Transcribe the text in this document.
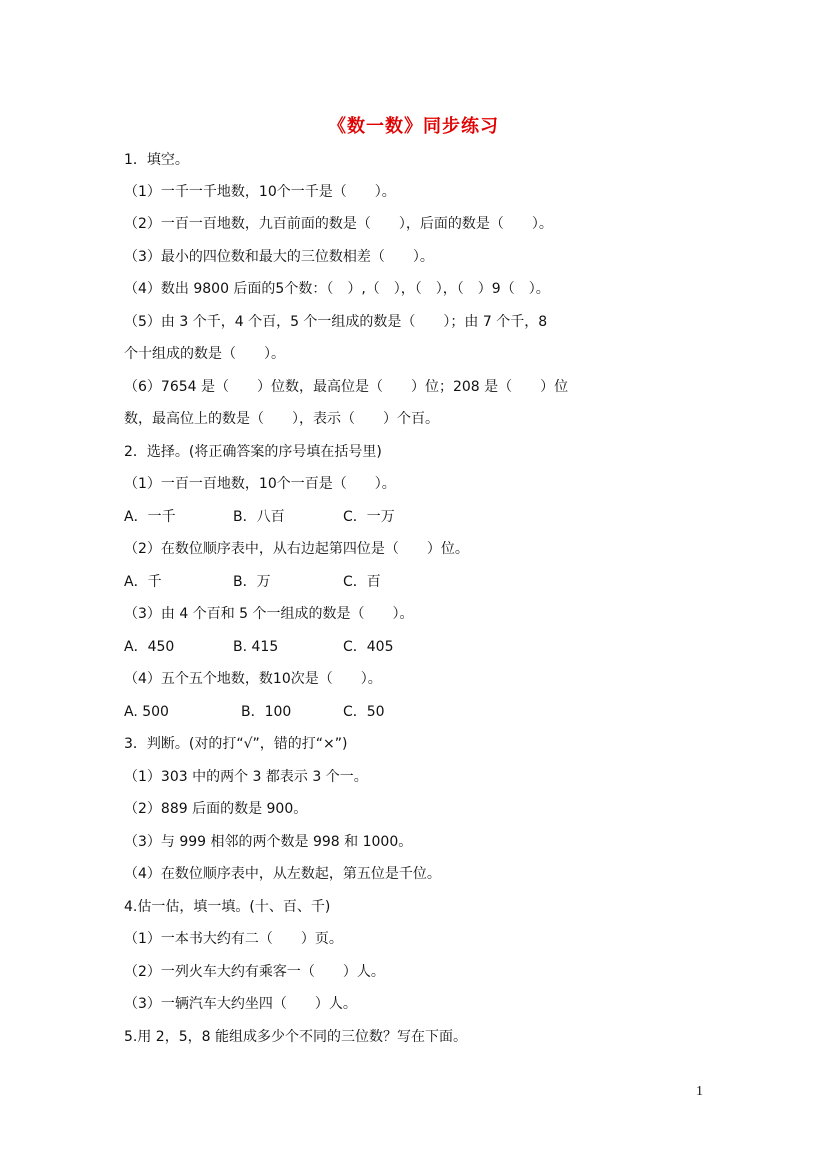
《数一数》同步练习
1．填空。
（1）一千一千地数，10个一千是（　　）。
（2）一百一百地数，九百前面的数是（　　），后面的数是（　　）。
（3）最小的四位数和最大的三位数相差（　　）。
（4）数出 9800 后面的5个数：（　）,（　），（　），（　）9（　）。
（5）由 3 个千，4 个百，5 个一组成的数是（　　）；由 7 个千，8
个十组成的数是（　　）。
（6）7654 是（　　）位数，最高位是（　　）位；208 是（　　）位
数，最高位上的数是（　　），表示（　　）个百。
2．选择。(将正确答案的序号填在括号里)
（1）一百一百地数，10个一百是（　　）。
A．一千	B．八百	C．一万
（2）在数位顺序表中，从右边起第四位是（　　）位。
A．千	B．万	C．百
（3）由 4 个百和 5 个一组成的数是（　　）。
A．450	B. 415	C．405
（4）五个五个地数，数10次是（　　）。
A. 500	B．100	C．50
3．判断。(对的打“√”，错的打“×”)
（1）303 中的两个 3 都表示 3 个一。
（2）889 后面的数是 900。
（3）与 999 相邻的两个数是 998 和 1000。
（4）在数位顺序表中，从左数起，第五位是千位。
4.估一估，填一填。(十、百、千)
（1）一本书大约有二（　　）页。
（2）一列火车大约有乘客一（　　）人。
（3）一辆汽车大约坐四（　　）人。
5.用 2，5，8 能组成多少个不同的三位数？写在下面。
1
